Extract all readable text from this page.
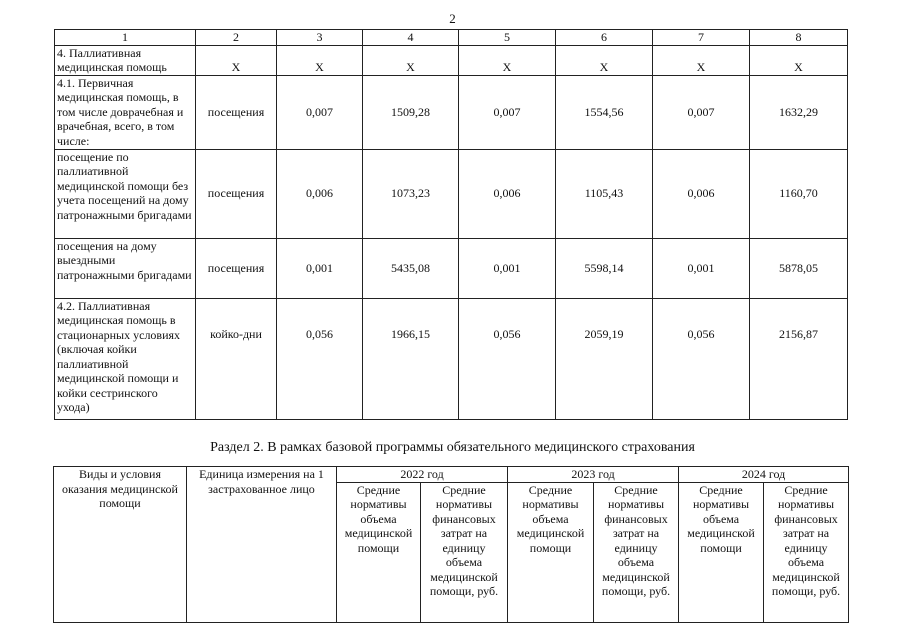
2
1	2	3	4	5	6	7	8
4. Паллиативная медицинская помощь	Х	Х	Х	Х	Х	Х	Х
4.1. Первичная медицинская помощь, в том числе доврачебная и врачебная, всего, в том числе:	посещения	0,007	1509,28	0,007	1554,56	0,007	1632,29
посещение по паллиативной медицинской помощи без учета посещений на дому патронажными бригадами	посещения	0,006	1073,23	0,006	1105,43	0,006	1160,70
посещения на дому выездными патронажными бригадами	посещения	0,001	5435,08	0,001	5598,14	0,001	5878,05
4.2. Паллиативная медицинская помощь в стационарных условиях (включая койки паллиативной медицинской помощи и койки сестринского ухода)	койко-дни	0,056	1966,15	0,056	2059,19	0,056	2156,87
Раздел 2. В рамках базовой программы обязательного медицинского страхования
Виды и условия оказания медицинской помощи	Единица измерения на 1 застрахованное лицо	2022 год		2023 год		2024 год	
		Средние нормативы объема медицинской помощи	Средние нормативы финансовых затрат на единицу объема медицинской помощи, руб.	Средние нормативы объема медицинской помощи	Средние нормативы финансовых затрат на единицу объема медицинской помощи, руб.	Средние нормативы объема медицинской помощи	Средние нормативы финансовых затрат на единицу объема медицинской помощи, руб.
